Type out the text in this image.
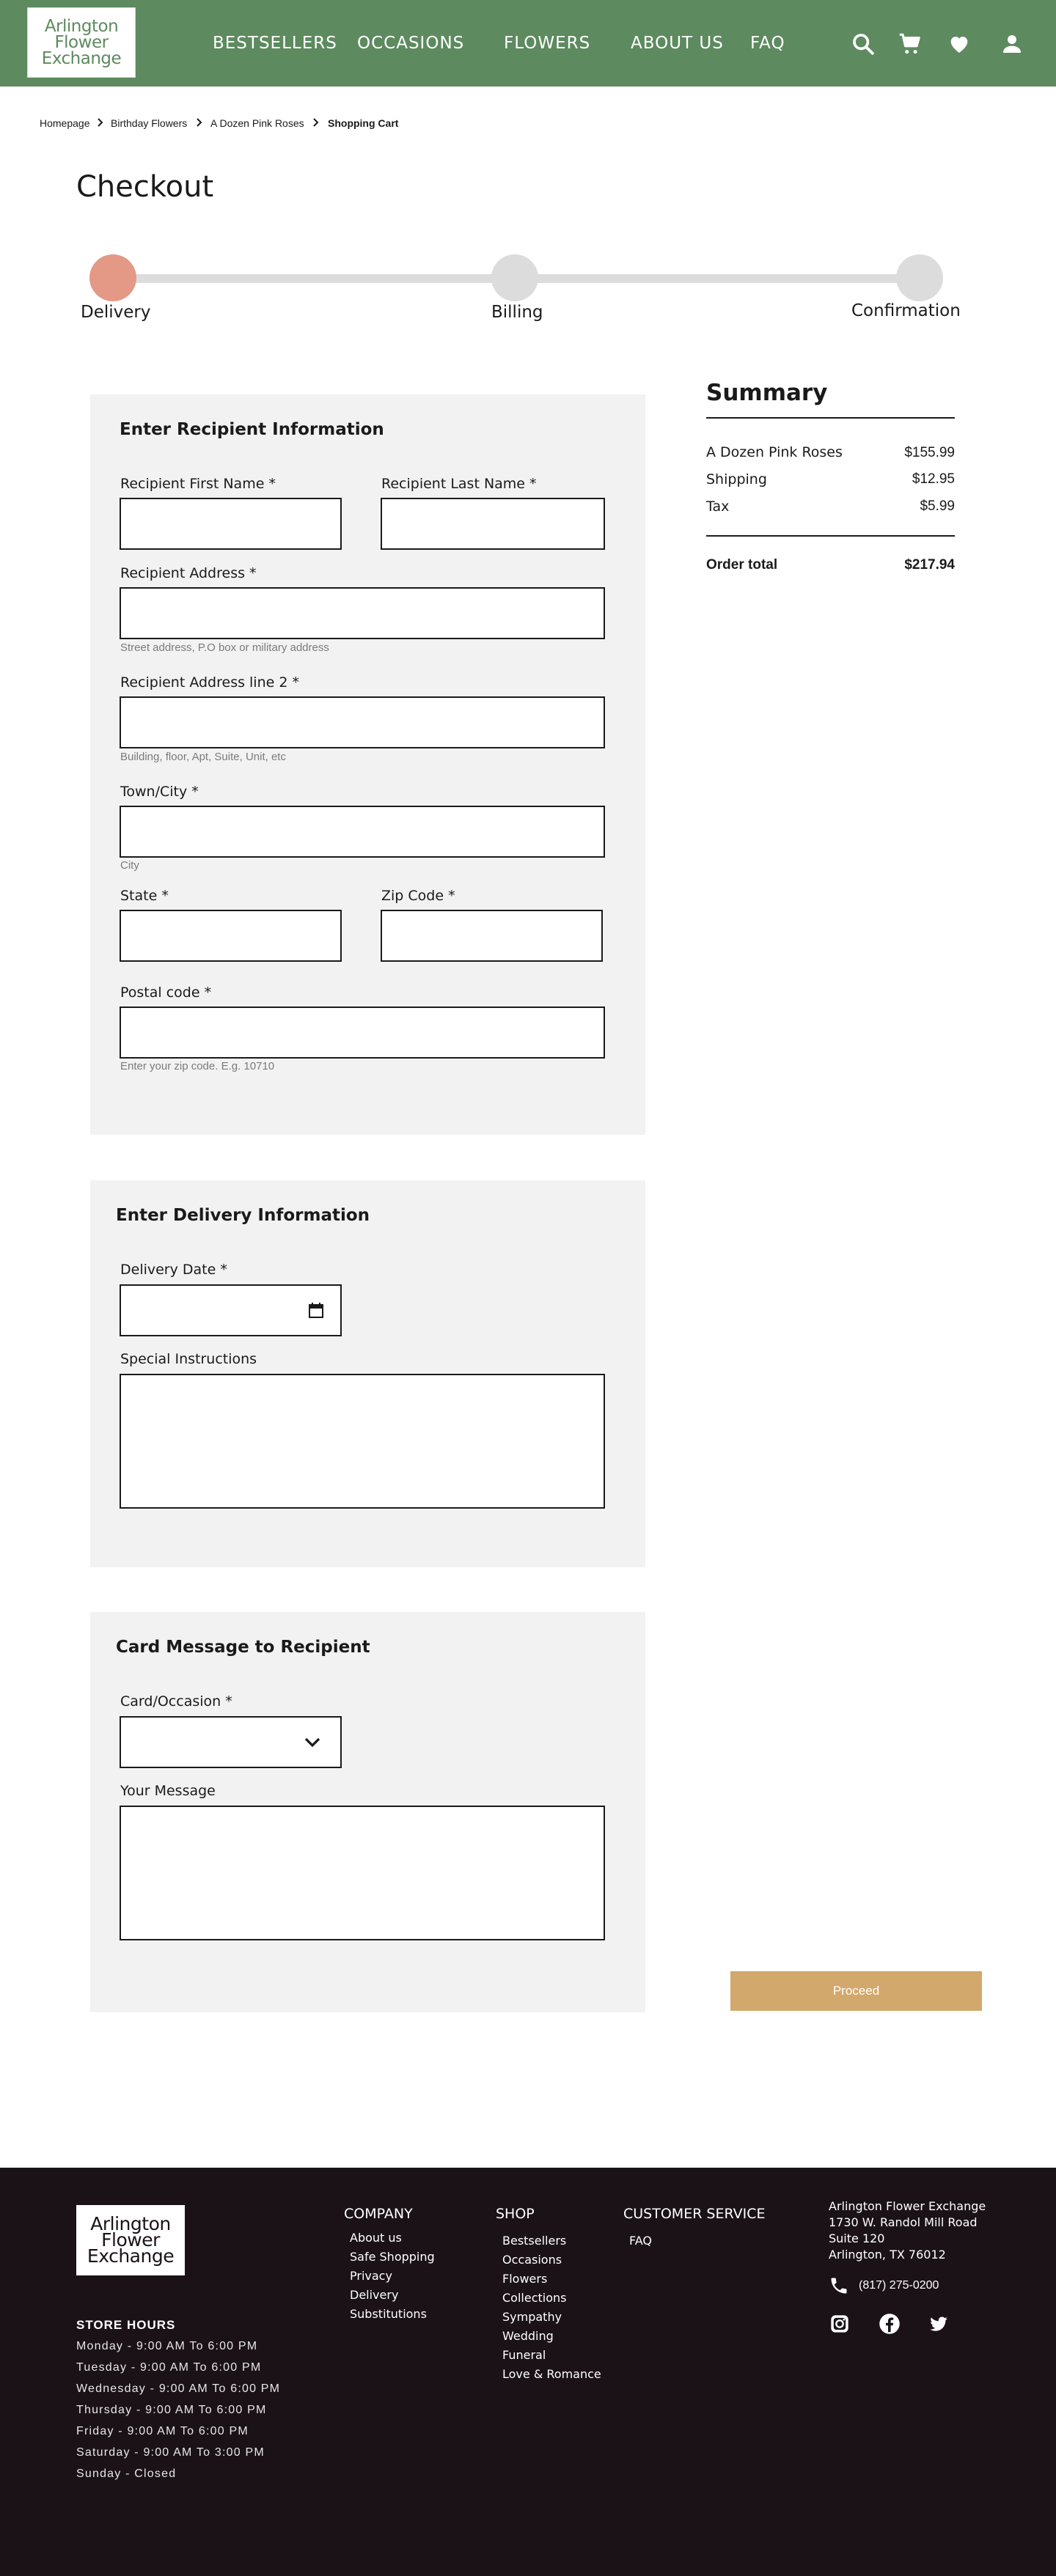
Arlington
Flower
Exchange
BESTSELLERS OCCASIONS FLOWERS ABOUT US FAQ
Homepage Birthday Flowers A Dozen Pink Roses Shopping Cart
Checkout
Delivery	Billing	Confirmation
Enter Recipient Information
Recipient First Name *	Recipient Last Name *
Recipient Address *
Street address, P.O box or military address
Recipient Address line 2 *
Building, floor, Apt, Suite, Unit, etc
Town/City *
City
State *	Zip Code *
Postal code *
Enter your zip code. E.g. 10710
Enter Delivery Information
Delivery Date *
Special Instructions
Card Message to Recipient
Card/Occasion *
Your Message
Summary
A Dozen Pink Roses	$155.99
Shipping	$12.95
Tax	$5.99
Order total	$217.94
Proceed
Arlington
Flower
Exchange
STORE HOURS
Monday - 9:00 AM To 6:00 PM
Tuesday - 9:00 AM To 6:00 PM
Wednesday - 9:00 AM To 6:00 PM
Thursday - 9:00 AM To 6:00 PM
Friday - 9:00 AM To 6:00 PM
Saturday - 9:00 AM To 3:00 PM
Sunday - Closed
COMPANY
About us
Safe Shopping
Privacy
Delivery
Substitutions
SHOP
Bestsellers
Occasions
Flowers
Collections
Sympathy
Wedding
Funeral
Love & Romance
CUSTOMER SERVICE
FAQ
Arlington Flower Exchange
1730 W. Randol Mill Road
Suite 120
Arlington, TX 76012
(817) 275-0200
